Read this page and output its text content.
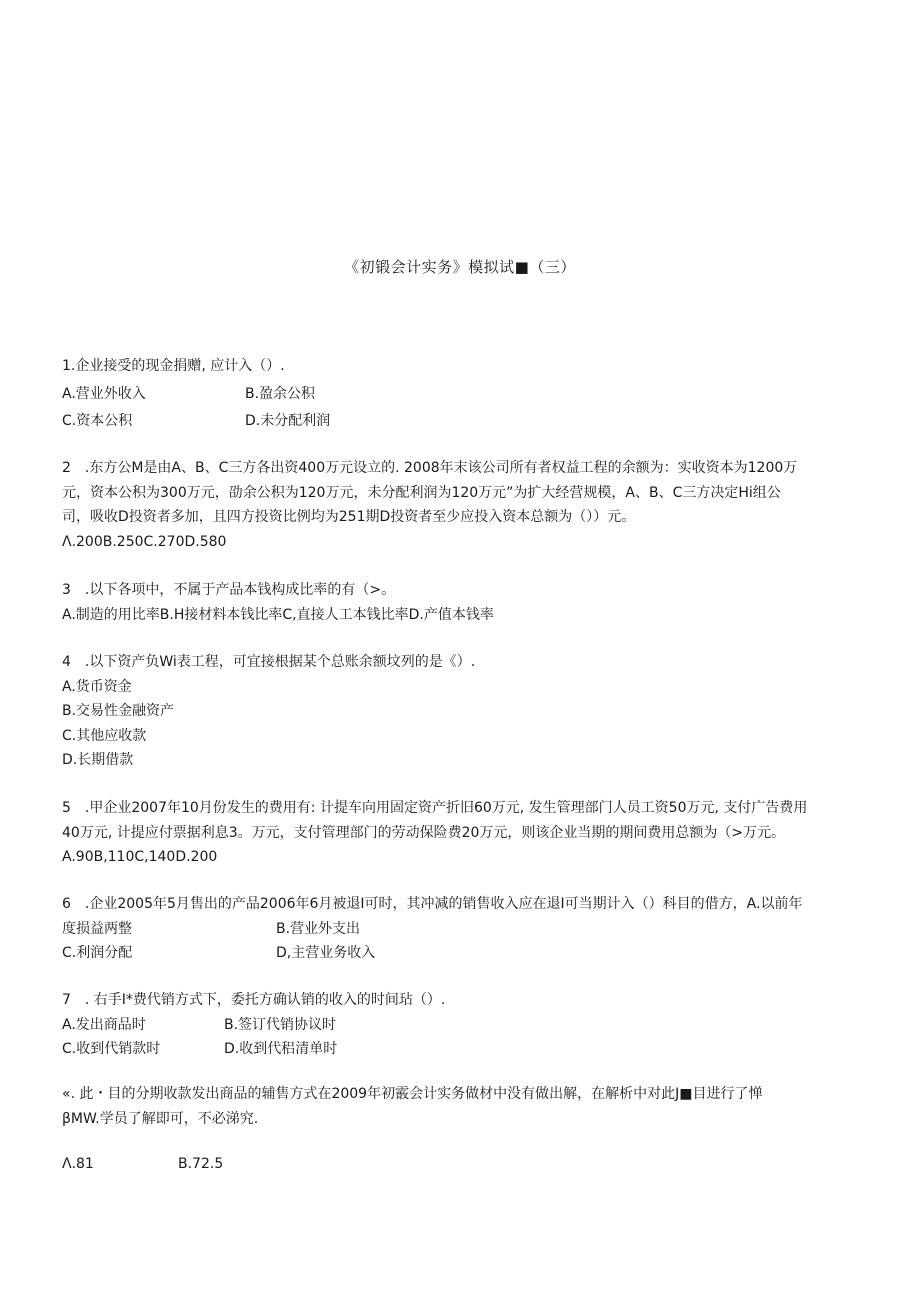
《初锻会计实务》模拟试■（三）
1.企业接受的现金捐赠, 应计入（）.
A.营业外收入	B.盈余公积
C.资本公积	D.未分配利润
2　.东方公M是由A、B、C三方各出资400万元设立的. 2008年末该公司所有者权益工程的余额为：实收资本为1200万
元，资本公积为300万元，劭余公积为120万元，未分配利润为120万元”为扩大经营规模，A、B、C三方决定Hi组公
司，吸收D投资者多加，且四方投资比例均为251期D投资者至少应投入资本总额为（））元。
Λ.200B.250C.270D.580
3　.以下各项中，不属于产品本钱构成比率的有（>。
A.制造的用比率B.H接材料本钱比率C,直接人工本钱比率D.产值本钱率
4　.以下资产负Wi表工程，可宜接根据某个总账余额坟列的是《）.
A.货币资金
B.交易性金融资产
C.其他应收款
D.长期借款
5　.甲企业2007年10月份发生的费用有: 计提车向用固定资产折旧60万元, 发生管理部门人员工资50万元, 支付广告费用
40万元, 计提应付票据利息3。万元，支付管理部门的劳动保险费20万元，则该企业当期的期间费用总额为（>万元。
A.90B,110C,140D.200
6　.企业2005年5月售出的产品2006年6月被退I可时，其冲减的销售收入应在退I可当期计入（）科目的借方，A.以前年
度损益两整	B.营业外支出
C.利润分配	D,主营业务收入
7　. 右手I*费代销方式下，委托方确认销的收入的时间玷（）.
A.发出商品时	B.签订代销协议时
C.收到代销款时	D.收到代稆清单时
«. 此・目的分期收款发出商品的辅售方式在2009年初霰会计实务做材中没有做出解，在解析中对此J■目进行了惮
βMW.学员了解即可，不必涕究.
Λ.81	B.72.5
